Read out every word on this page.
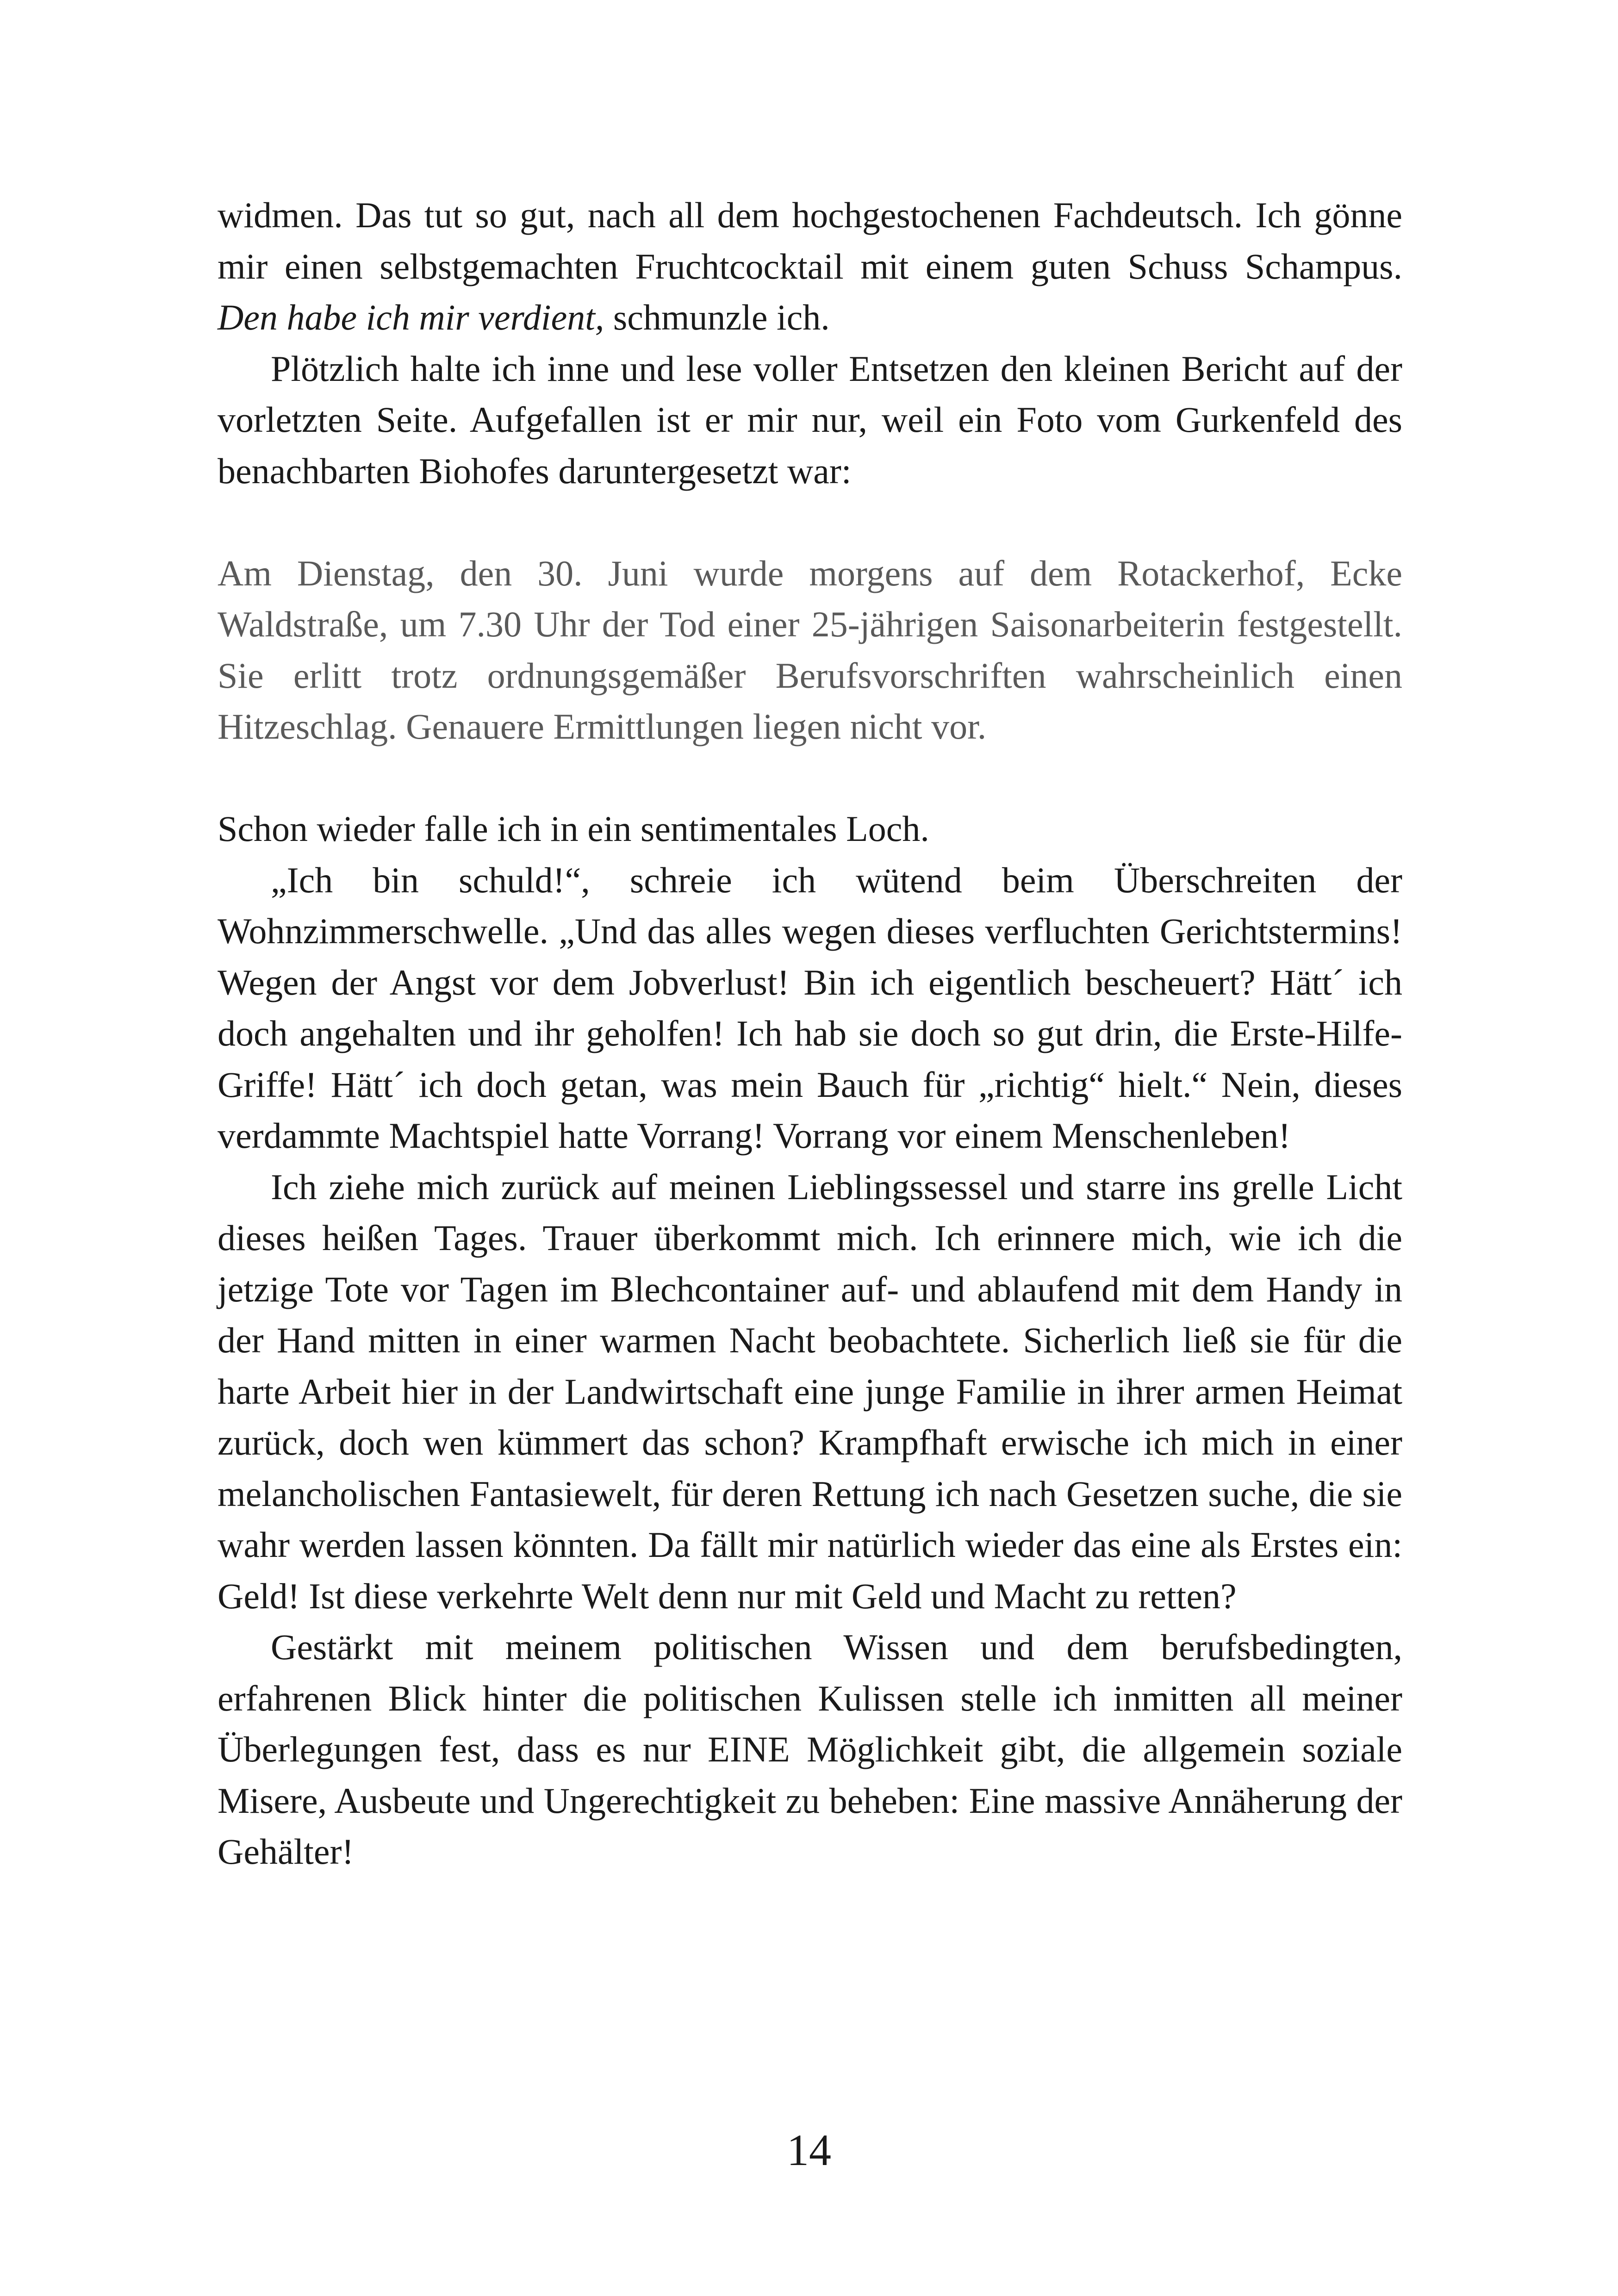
widmen. Das tut so gut, nach all dem hochgestochenen Fachdeutsch. Ich gönne mir einen selbstgemachten Fruchtcocktail mit einem guten Schuss Schampus. Den habe ich mir verdient, schmunzle ich.

Plötzlich halte ich inne und lese voller Entsetzen den kleinen Bericht auf der vorletzten Seite. Aufgefallen ist er mir nur, weil ein Foto vom Gurkenfeld des benachbarten Biohofes daruntergesetzt war:

Am Dienstag, den 30. Juni wurde morgens auf dem Rotackerhof, Ecke Waldstraße, um 7.30 Uhr der Tod einer 25-jährigen Saisonarbeiterin festgestellt. Sie erlitt trotz ordnungsgemäßer Berufsvorschriften wahrscheinlich einen Hitzeschlag. Genauere Ermittlungen liegen nicht vor.

Schon wieder falle ich in ein sentimentales Loch.

„Ich bin schuld!“, schreie ich wütend beim Überschreiten der Wohnzimmerschwelle. „Und das alles wegen dieses verfluchten Gerichtstermins! Wegen der Angst vor dem Jobverlust! Bin ich eigentlich bescheuert? Hätt´ ich doch angehalten und ihr geholfen! Ich hab sie doch so gut drin, die Erste-Hilfe-Griffe! Hätt´ ich doch getan, was mein Bauch für „richtig“ hielt.“ Nein, dieses verdammte Machtspiel hatte Vorrang! Vorrang vor einem Menschenleben!

Ich ziehe mich zurück auf meinen Lieblingssessel und starre ins grelle Licht dieses heißen Tages. Trauer überkommt mich. Ich erinnere mich, wie ich die jetzige Tote vor Tagen im Blechcontainer auf- und ablaufend mit dem Handy in der Hand mitten in einer warmen Nacht beobachtete. Sicherlich ließ sie für die harte Arbeit hier in der Landwirtschaft eine junge Familie in ihrer armen Heimat zurück, doch wen kümmert das schon? Krampfhaft erwische ich mich in einer melancholischen Fantasiewelt, für deren Rettung ich nach Gesetzen suche, die sie wahr werden lassen könnten. Da fällt mir natürlich wieder das eine als Erstes ein: Geld! Ist diese verkehrte Welt denn nur mit Geld und Macht zu retten?

Gestärkt mit meinem politischen Wissen und dem berufsbedingten, erfahrenen Blick hinter die politischen Kulissen stelle ich inmitten all meiner Überlegungen fest, dass es nur EINE Möglichkeit gibt, die allgemein soziale Misere, Ausbeute und Ungerechtigkeit zu beheben: Eine massive Annäherung der Gehälter!

14
